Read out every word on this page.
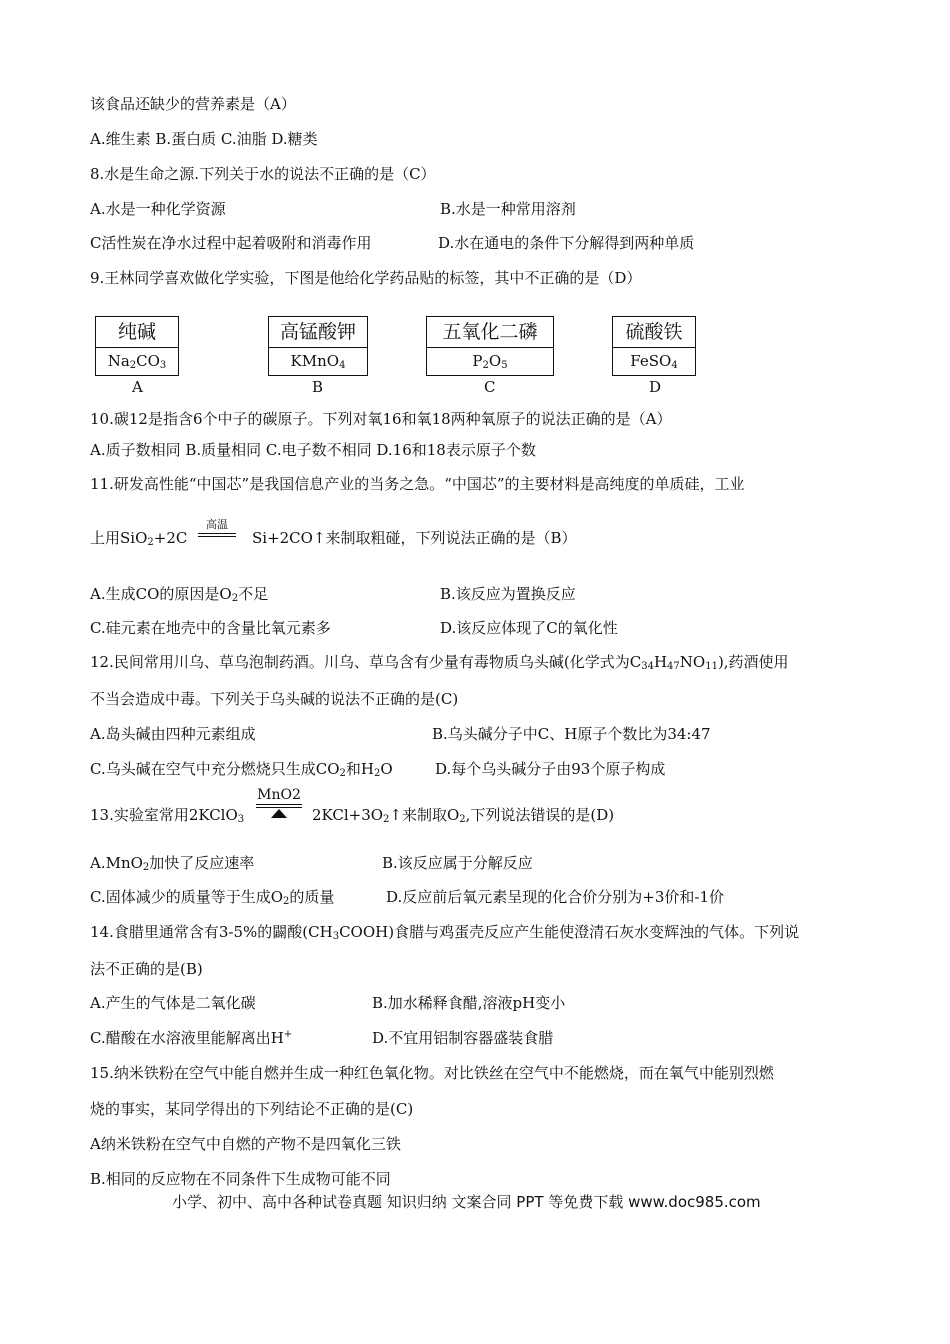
该食品还缺少的营养素是（A）
A.维生素 B.蛋白质 C.油脂 D.糖类
8.水是生命之源.下列关于水的说法不正确的是（C）
A.水是一种化学资源	B.水是一种常用溶剂
C活性炭在净水过程中起着吸附和消毒作用	D.水在通电的条件下分解得到两种单质
9.王林同学喜欢做化学实验，下图是他给化学药品贴的标签，其中不正确的是（D）
纯碱
$Na_2CO_3$
A
高锰酸钾
KMnO$_4$
B
五氧化二磷
$P_2O_5$
C
硫酸铁
FeSO$_4$
D
10.碳12是指含6个中子的碳原子。下列对氧16和氧18两种氧原子的说法正确的是（A）
A.质子数相同 B.质量相同 C.电子数不相同 D.16和18表示原子个数
11.研发高性能“中国芯”是我国信息产业的当务之急。“中国芯”的主要材料是高纯度的单质硅，工业
上用SiO$_2$+2C
高温
Si+2CO↑来制取粗碰，下列说法正确的是（B）
A.生成CO的原因是$O_2$不足	B.该反应为置换反应
C.硅元素在地壳中的含量比氧元素多	D.该反应体现了C的氧化性
12.民间常用川乌、草乌泡制药酒。川乌、草乌含有少量有毒物质乌头碱(化学式为$C_{34}H_{47}NO_{11}$),药酒使用
不当会造成中毒。下列关于乌头碱的说法不正确的是(C)
A.岛头碱由四种元素组成	B.乌头碱分子中C、H原子个数比为34:47
C.乌头碱在空气中充分燃烧只生成$CO_2$和$H_2O$	D.每个乌头碱分子由93个原子构成
13.实验室常用2KClO$_3$
MnO2
$2KCl+3O_2↑$来制取$O_2$,下列说法错误的是(D)
A.MnO$_2$加快了反应速率	B.该反应属于分解反应
C.固体减少的质量等于生成$O_2$的质量	D.反应前后氧元素呈现的化合价分别为+3价和-1价
14.食腊里通常含有3-5%的闢酸$(CH_3COOH)$食腊与鸡蛋壳反应产生能使澄清石灰水变辉浊的气体。下列说
法不正确的是(B)
A.产生的气体是二氧化碳	B.加水稀释食醋,溶液pH变小
C.醋酸在水溶液里能解离出H+	D.不宜用铝制容器盛装食腊
15.纳米铁粉在空气中能自燃并生成一种红色氧化物。对比铁丝在空气中不能燃烧，而在氧气中能别烈燃
烧的事实，某同学得出的下列结论不正确的是(C)
A纳米铁粉在空气中自燃的产物不是四氧化三铁
B.相同的反应物在不同条件下生成物可能不同
小学、初中、高中各种试卷真题 知识归纳 文案合同 PPT 等免费下载 www.doc985.com
